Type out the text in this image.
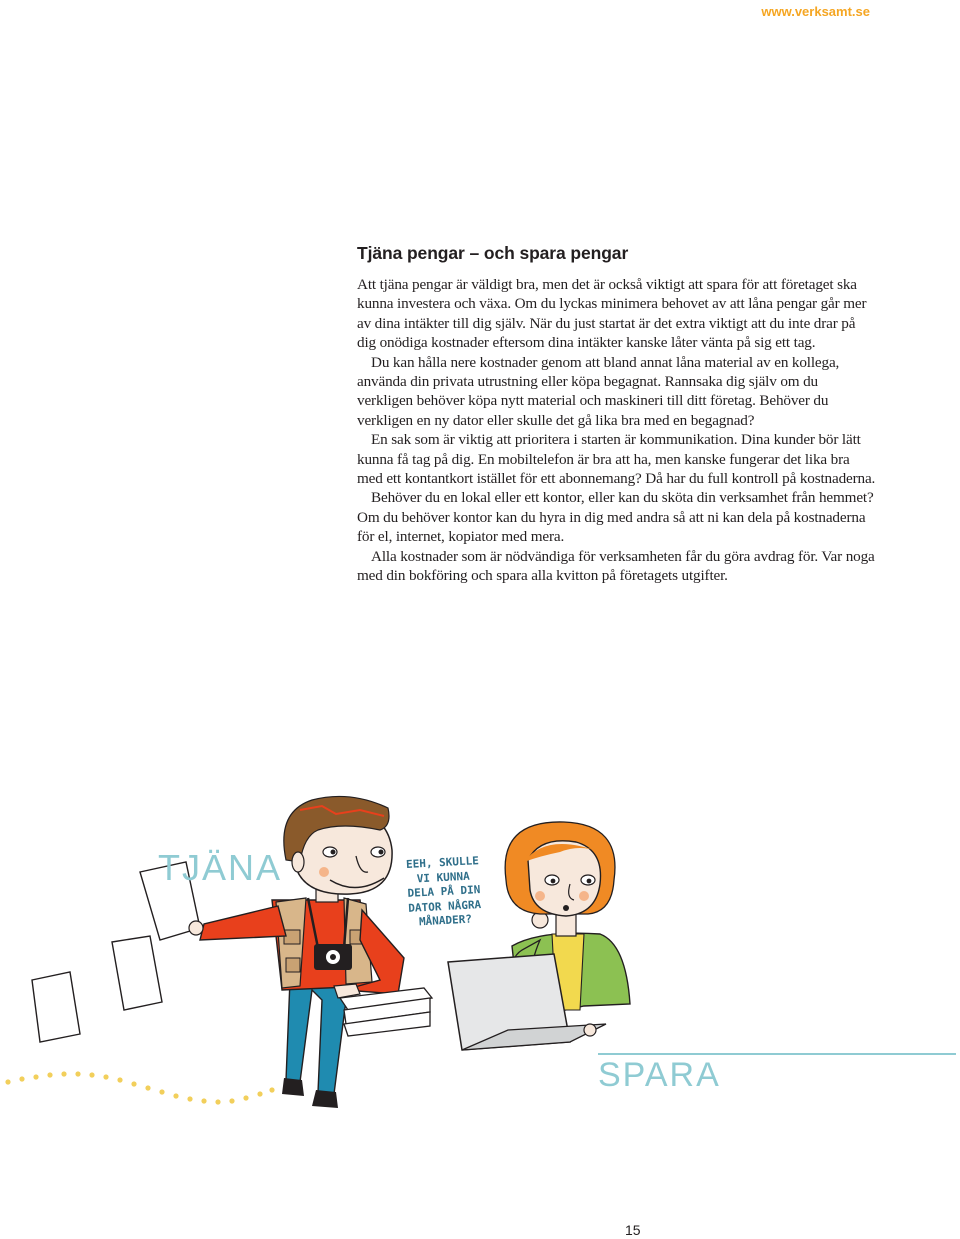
www.verksamt.se
Tjäna pengar – och spara pengar

Att tjäna pengar är väldigt bra, men det är också viktigt att spara för att företaget ska kunna investera och växa. Om du lyckas minimera behovet av att låna pengar går mer av dina intäkter till dig själv. När du just startat är det extra viktigt att du inte drar på dig onödiga kostnader eftersom dina intäkter kanske låter vänta på sig ett tag.

Du kan hålla nere kostnader genom att bland annat låna material av en kollega, använda din privata utrustning eller köpa begagnat. Rannsaka dig själv om du verkligen behöver köpa nytt material och maskineri till ditt företag. Behöver du verkligen en ny dator eller skulle det gå lika bra med en begagnad?

En sak som är viktig att prioritera i starten är kommunikation. Dina kunder bör lätt kunna få tag på dig. En mobiltelefon är bra att ha, men kanske fungerar det lika bra med ett kontantkort istället för ett abonnemang? Då har du full kontroll på kostnaderna.

Behöver du en lokal eller ett kontor, eller kan du sköta din verksamhet från hemmet? Om du behöver kontor kan du hyra in dig med andra så att ni kan dela på kostnaderna för el, internet, kopiator med mera.

Alla kostnader som är nödvändiga för verksamheten får du göra avdrag för. Var noga med din bokföring och spara alla kvitton på företagets utgifter.

TJÄNA
SPARA
EEH, SKULLE
VI KUNNA
DELA PÅ DIN
DATOR NÅGRA
MÅNADER?
15
